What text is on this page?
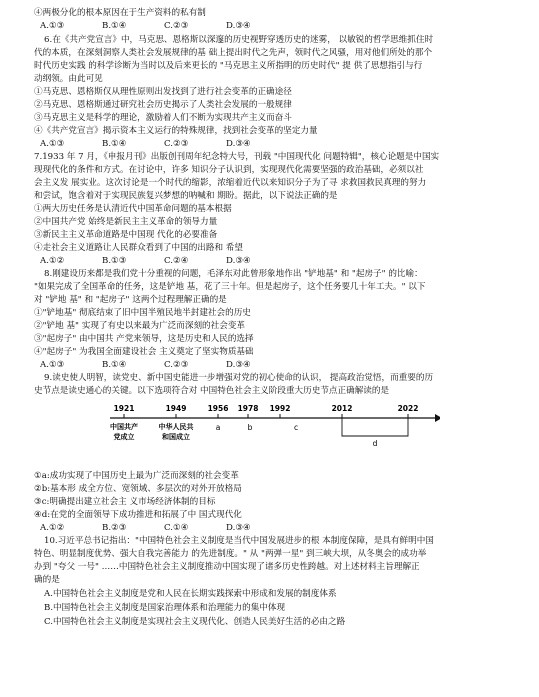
④两极分化的根本原因在于生产资料的私有制
A.①③	B.①④	C.②③	D.③④
6.在《共产党宣言》中，马克思、恩格斯以深邃的历史视野穿透历史的迷雾， 以敏锐的哲学思维抓住时
代的本质，在深刻洞察人类社会发展规律的基 础上提出时代之先声，领时代之风骚，用对他们所处的那个
时代历史实践 的科学诊断为当时以及后来更长的 "马克思主义所指明的历史时代" 提 供了思想指引与行
动纲领。由此可见
①马克思、恩格斯仅从理性原则出发找到了进行社会变革的正确途径
②马克思、恩格斯通过研究社会历史揭示了人类社会发展的一般规律
③马克思主义是科学的理论，激励着人们不断为实现共产主义而奋斗
④《共产党宣言》揭示资本主义运行的特殊规律，找到社会变革的坚定力量
A.①③	B.①④	C.②③	D.③④
7.1933 年 7 月，《申报月刊》出版创刊周年纪念特大号，刊载 "中国现代化 问题特辑"，核心论题是中国实
现现代化的条件和方式。在讨论中，许多 知识分子认识到，实现现代化需要坚强的政治基础，必须以社
会主义发 展实业。这次讨论是一个时代的缩影，浓缩着近代以来知识分子为了寻 求救国救民真理的努力
和尝试，饱含着对于实现民族复兴梦想的呐喊和 期盼。据此，以下说法正确的是
①两大历史任务是认清近代中国革命问题的基本根据
②中国共产党 始终是新民主主义革命的领导力量
③新民主主义革命道路是中国现 代化的必要准备
④走社会主义道路让人民群众看到了中国的出路和 希望
A.①②	B.①③	C.②④	D.③④
8.刚建设历来都是我们党十分重视的问题，毛泽东对此曾形象地作出 "铲地基" 和 "起房子" 的比喻：
"如果完成了全国革命的任务，这是铲地 基，花了三十年。但是起房子，这个任务要几十年工夫。" 以下
对 "铲地 基" 和 "起房子" 这两个过程理解正确的是
①"铲地基" 彻底结束了旧中国半殖民地半封建社会的历史
②"铲地 基" 实现了有史以来最为广泛而深刻的社会变革
③"起房子" 由中国共 产党来领导，这是历史和人民的选择
④"起房子" 为我国全面建设社会 主义奠定了坚实物质基础
A.①③	B.①④	C.②③	D.③④
9.读史使人明智，读党史、新中国史能进一步增强对党的初心使命的认识， 提高政治觉悟，而重要的历
史节点是读史通心的关键。以下选项符合对 中国特色社会主义阶段重大历史节点正确解读的是
1921	1949	1956 1978 1992	2012	2022
中国共产
党成立
中华人民共
和国成立
a	b	c
d
①a:成功实现了中国历史上最为广泛而深刻的社会变革
②b:基本形 成全方位、宽领域、多层次的对外开放格局
③c:明确提出建立社会主 义市场经济体制的目标
④d:在党的全面领导下成功推进和拓展了中 国式现代化
A.①②	B.②③	C.①④	D.③④
10.习近平总书记指出："中国特色社会主义制度是当代中国发展进步的根 本制度保障，是具有鲜明中国
特色、明显制度优势、强大自我完善能力 的先进制度。" 从 "两弹一星" 到三峡大坝，从冬奥会的成功举
办到 "夸父 一号" ……中国特色社会主义制度推动中国实现了诸多历史性跨越。对上述材料主旨理解正
确的是
A.中国特色社会主义制度是党和人民在长期实践探索中形成和发展的制度体系
B.中国特色社会主义制度是国家治理体系和治理能力的集中体现
C.中国特色社会主义制度是实现社会主义现代化、创造人民美好生活的必由之路
